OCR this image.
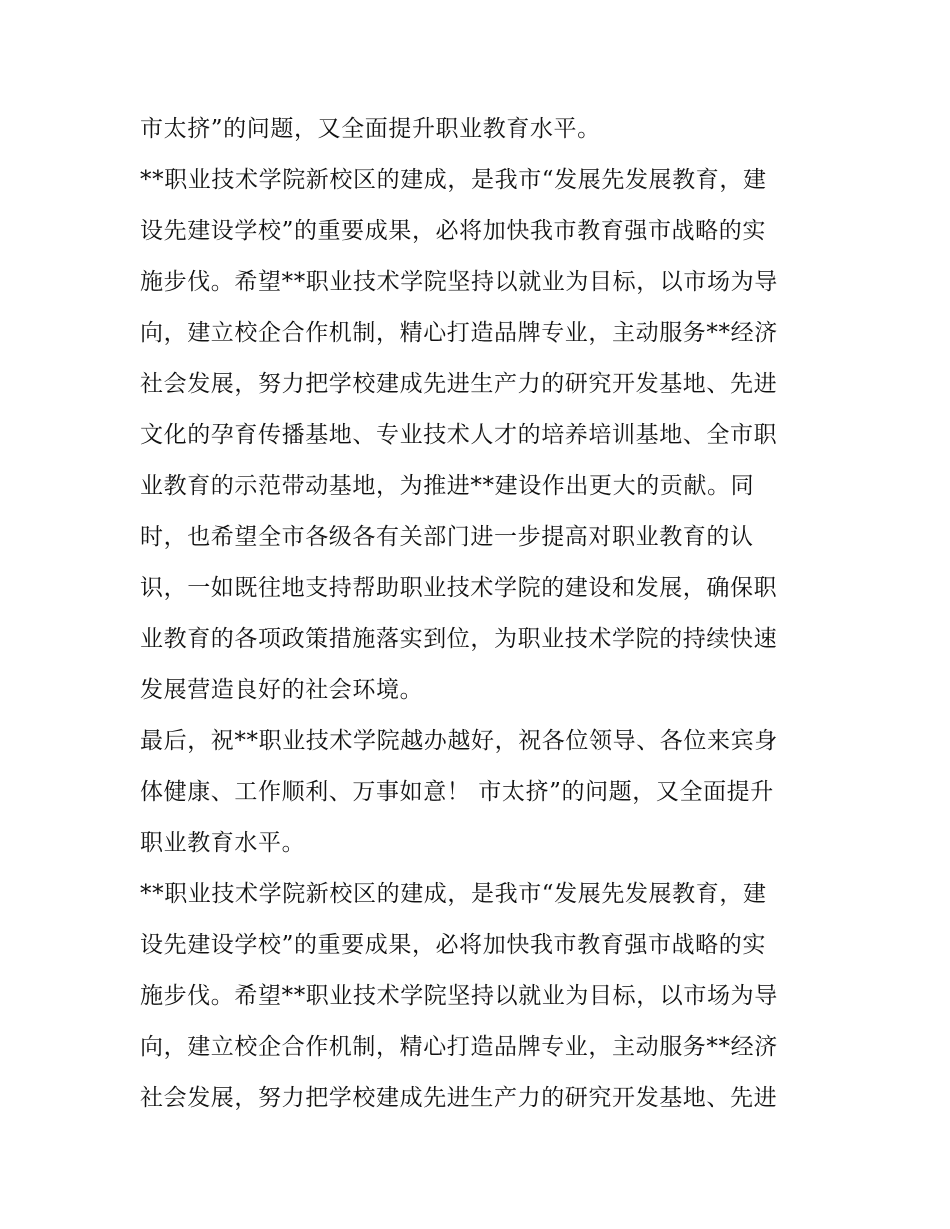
市太挤”的问题，又全面提升职业教育水平。
**职业技术学院新校区的建成，是我市“发展先发展教育，建
设先建设学校”的重要成果，必将加快我市教育强市战略的实
施步伐。希望**职业技术学院坚持以就业为目标，以市场为导
向，建立校企合作机制，精心打造品牌专业，主动服务**经济
社会发展，努力把学校建成先进生产力的研究开发基地、先进
文化的孕育传播基地、专业技术人才的培养培训基地、全市职
业教育的示范带动基地，为推进**建设作出更大的贡献。同
时，也希望全市各级各有关部门进一步提高对职业教育的认
识，一如既往地支持帮助职业技术学院的建设和发展，确保职
业教育的各项政策措施落实到位，为职业技术学院的持续快速
发展营造良好的社会环境。
最后，祝**职业技术学院越办越好，祝各位领导、各位来宾身
体健康、工作顺利、万事如意！ 市太挤”的问题，又全面提升
职业教育水平。
**职业技术学院新校区的建成，是我市“发展先发展教育，建
设先建设学校”的重要成果，必将加快我市教育强市战略的实
施步伐。希望**职业技术学院坚持以就业为目标，以市场为导
向，建立校企合作机制，精心打造品牌专业，主动服务**经济
社会发展，努力把学校建成先进生产力的研究开发基地、先进
